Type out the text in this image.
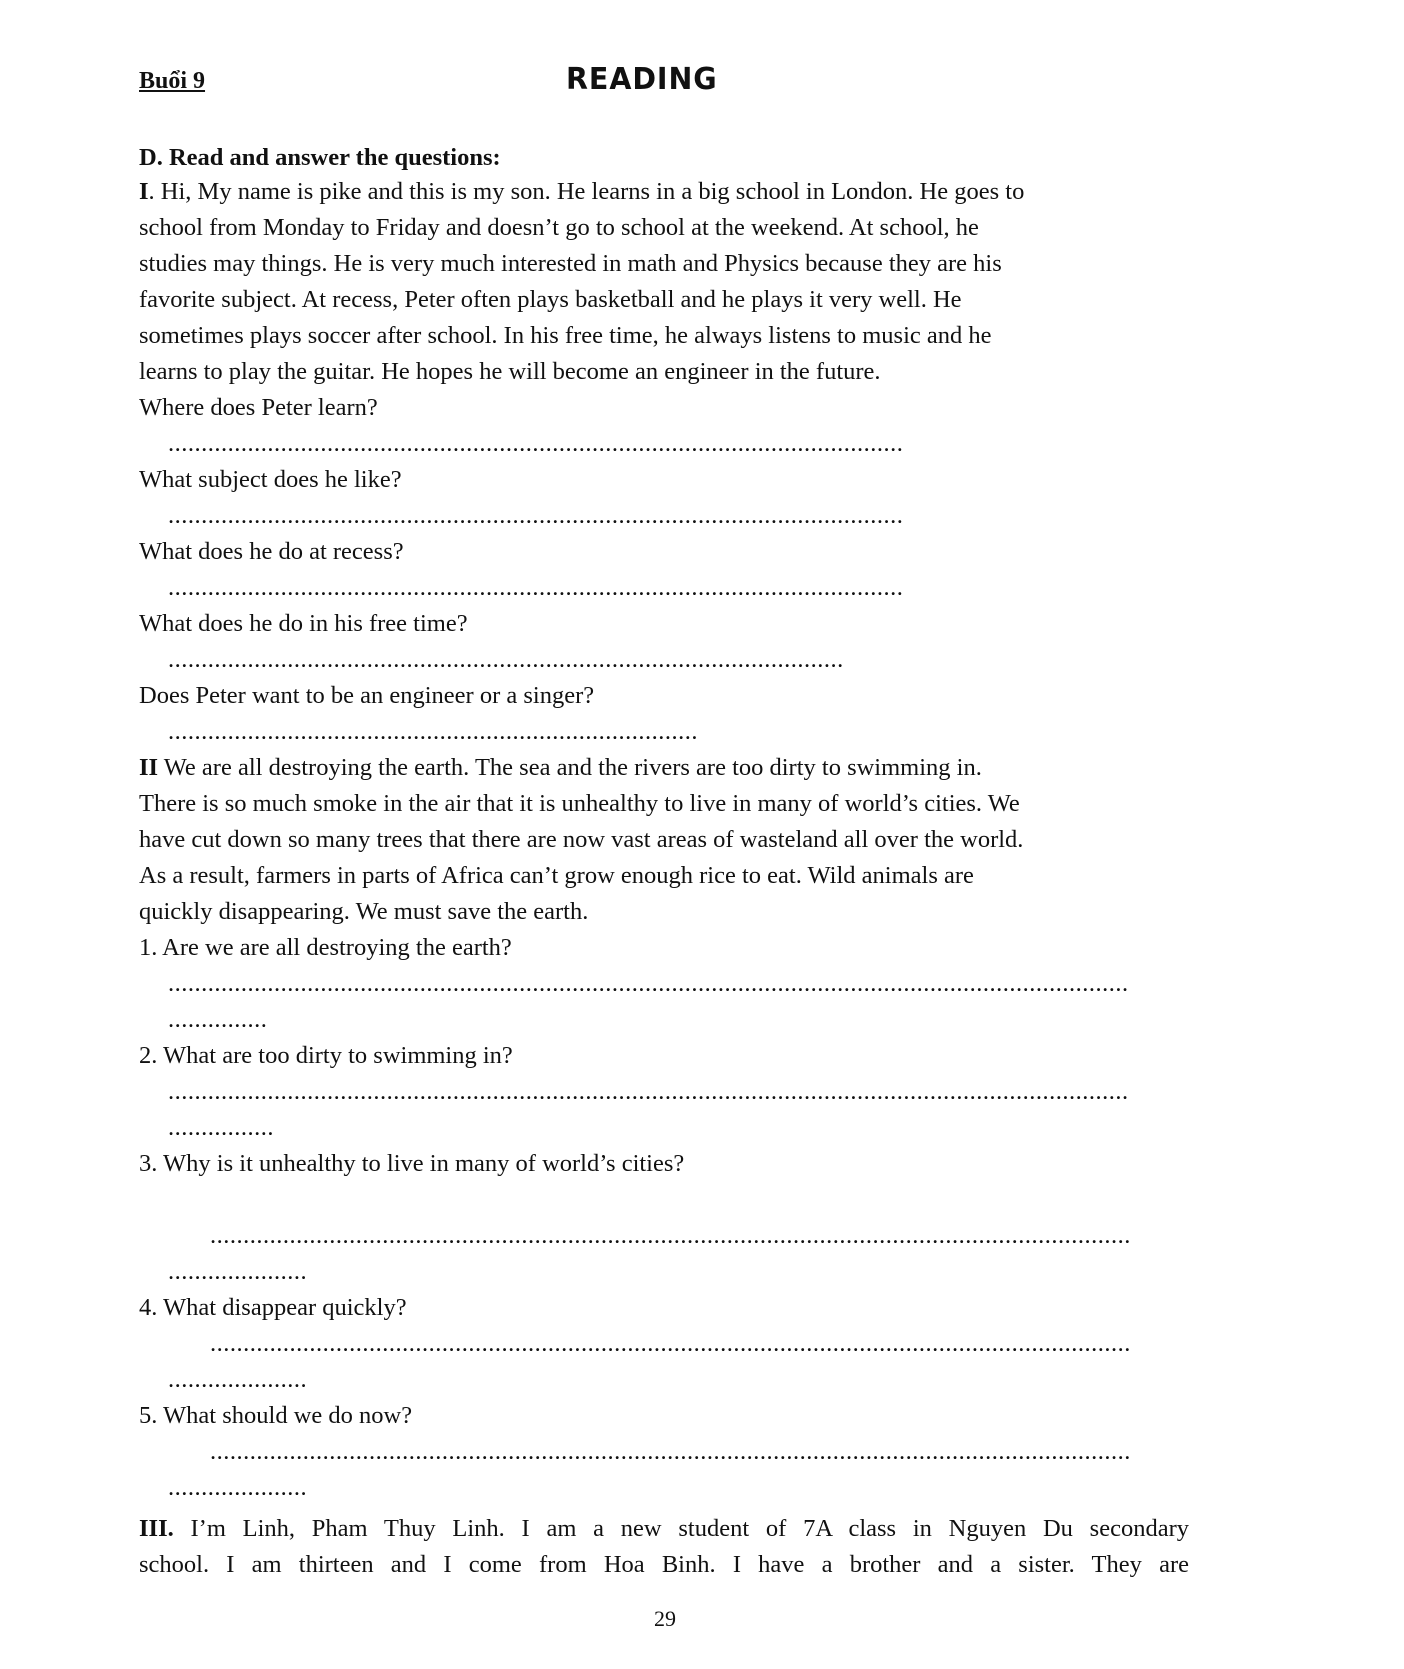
Buổi 9	READING
D. Read and answer the questions:
I. Hi, My name is pike and this is my son. He learns in a big school in London. He goes to
school from Monday to Friday and doesn’t go to school at the weekend. At school, he
studies may things. He is very much interested in math and Physics because they are his
favorite subject. At recess, Peter often plays basketball and he plays it very well. He
sometimes plays soccer after school. In his free time, he always listens to music and he
learns to play the guitar. He hopes he will become an engineer in the future.
Where does Peter learn?
...............................................................................................................
What subject does he like?
...............................................................................................................
What does he do at recess?
...............................................................................................................
What does he do in his free time?
......................................................................................................
Does Peter want to be an engineer or a singer?
................................................................................
II We are all destroying the earth. The sea and the rivers are too dirty to swimming in.
There is so much smoke in the air that it is unhealthy to live in many of world’s cities. We
have cut down so many trees that there are now vast areas of wasteland all over the world.
As a result, farmers in parts of Africa can’t grow enough rice to eat. Wild animals are
quickly disappearing. We must save the earth.
1. Are we are all destroying the earth?
.................................................................................................................................................
...............
2. What are too dirty to swimming in?
.................................................................................................................................................
................
3. Why is it unhealthy to live in many of world’s cities?
...........................................................................................................................................
.....................
4. What disappear quickly?
...........................................................................................................................................
.....................
5. What should we do now?
...........................................................................................................................................
.....................
III. I’m Linh, Pham Thuy Linh. I am a new student of 7A class in Nguyen Du secondary
school. I am thirteen and I come from Hoa Binh. I have a brother and a sister. They are
29
